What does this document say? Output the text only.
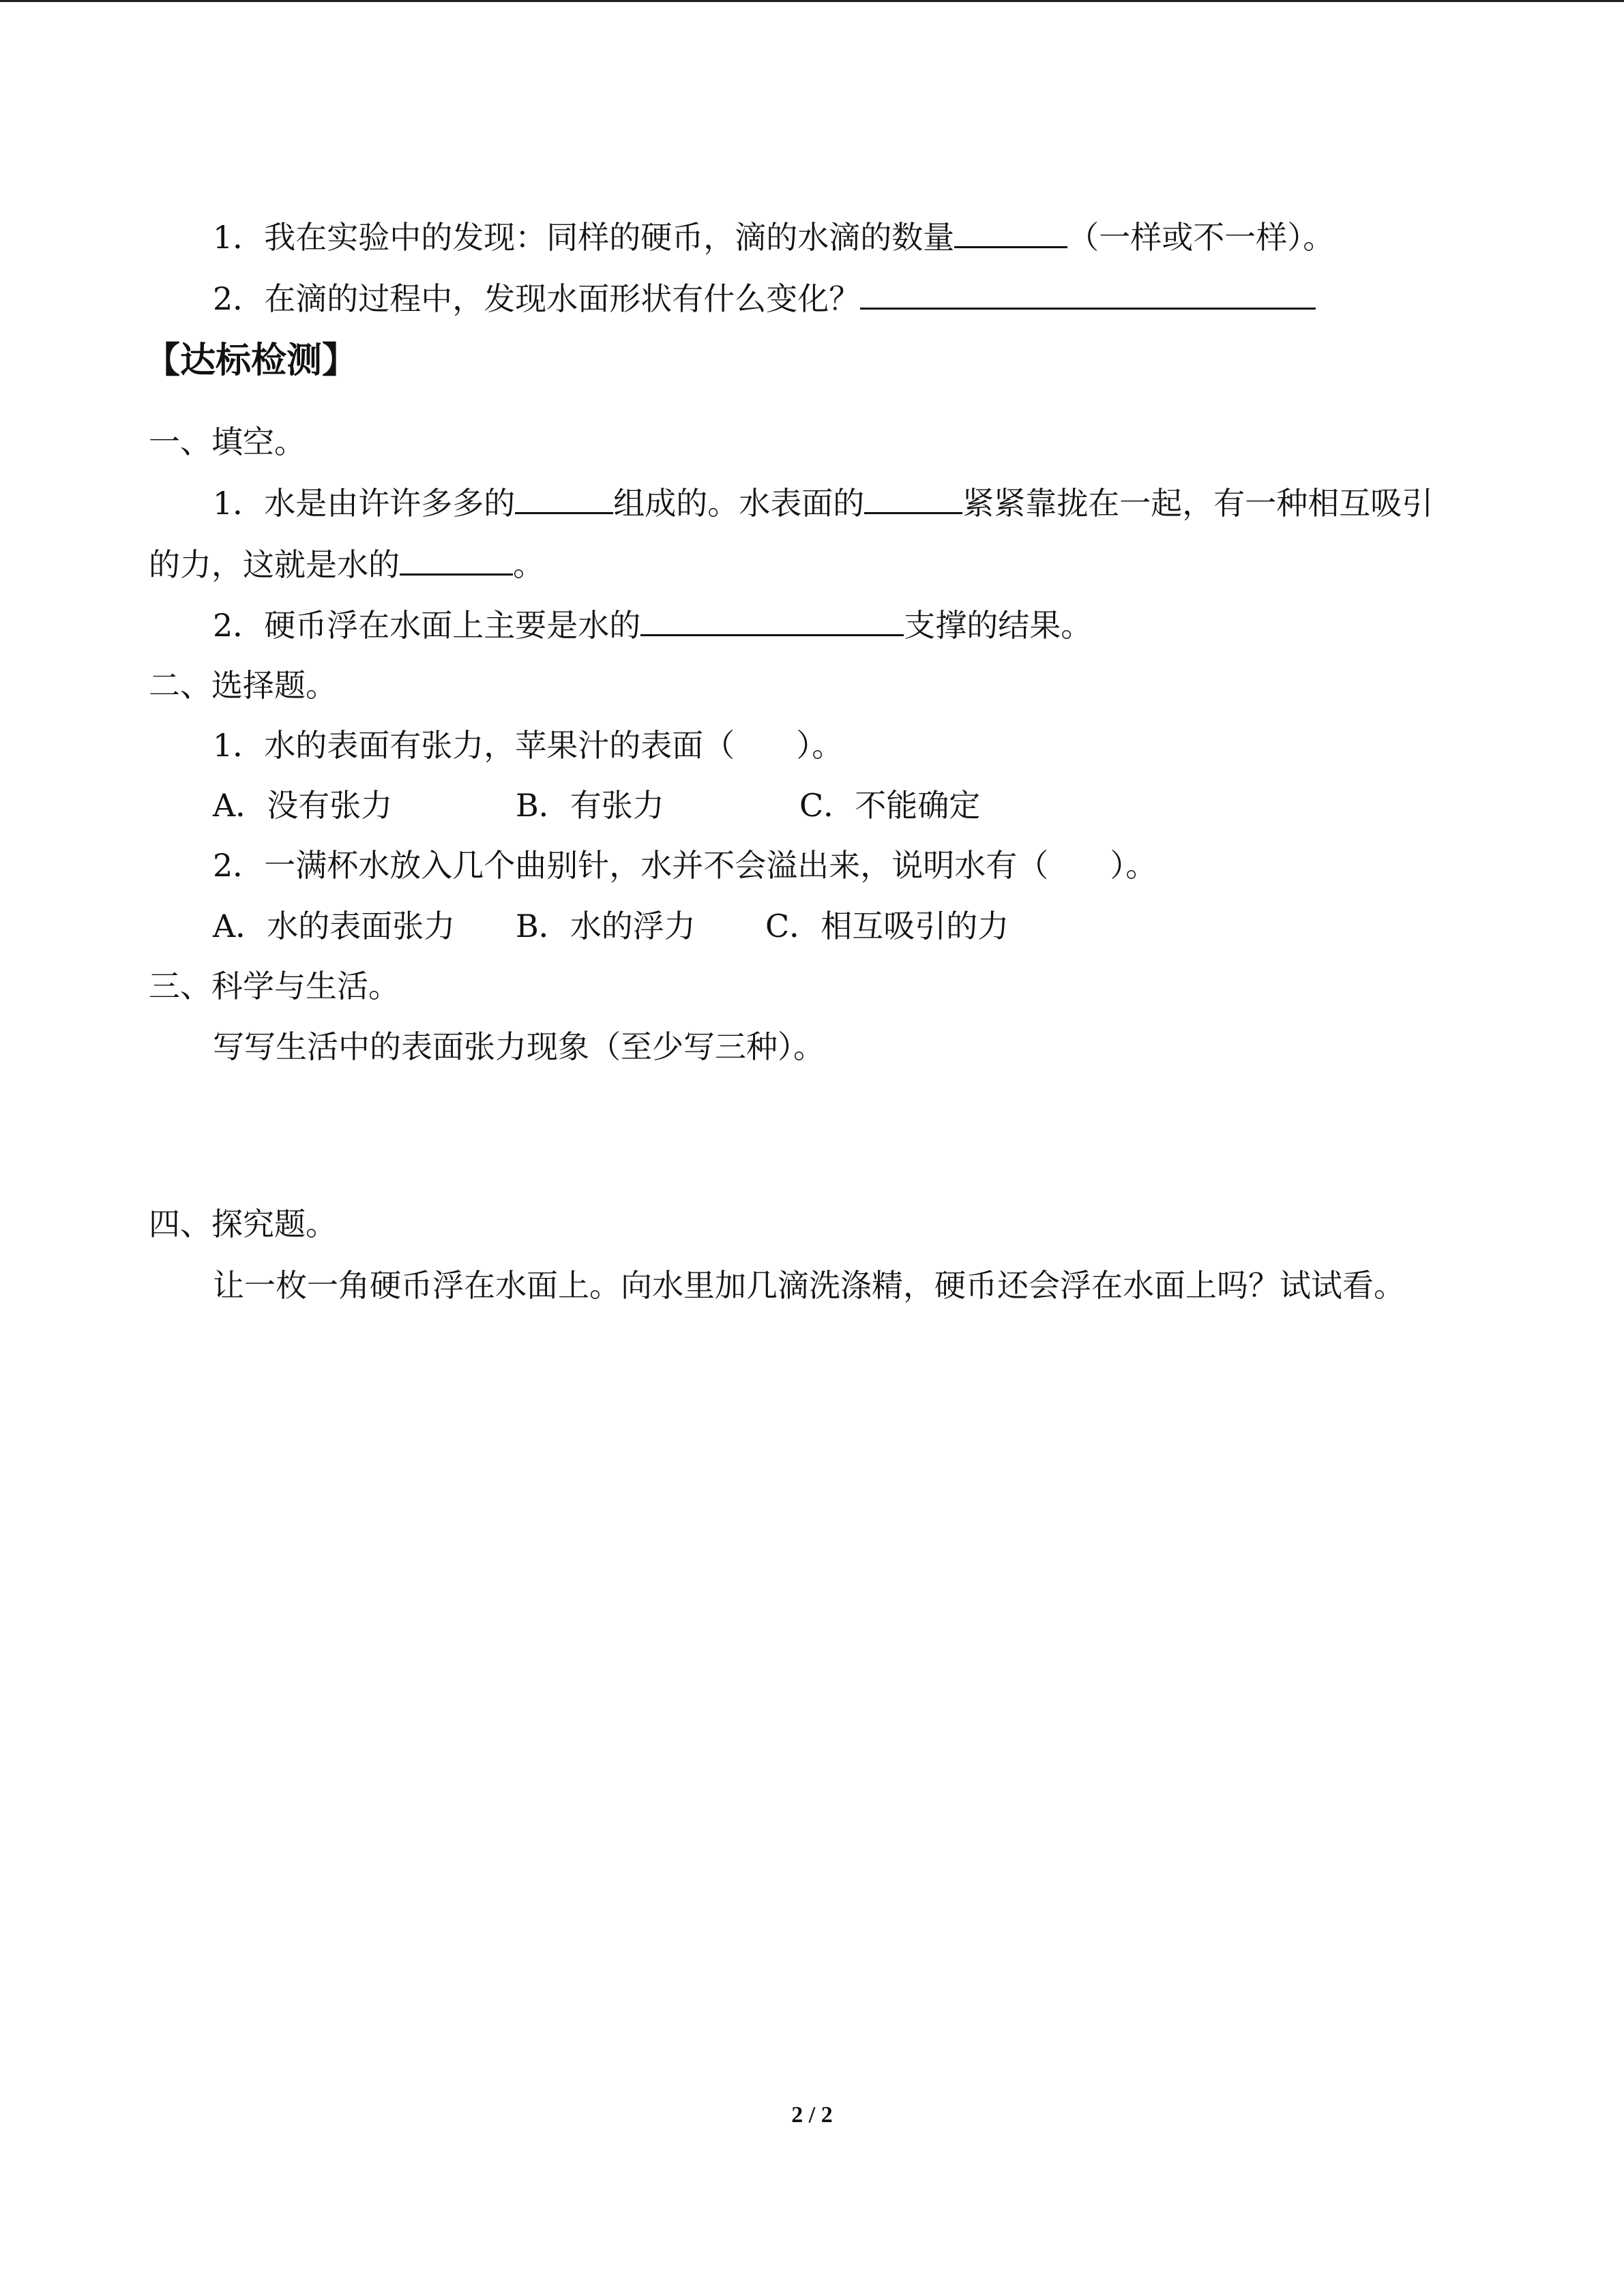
1．我在实验中的发现：同样的硬币，滴的水滴的数量	（一样或不一样）。
2．在滴的过程中，发现水面形状有什么变化？
【达标检测】
一、填空。
1．水是由许许多多的	组成的。水表面的	紧紧靠拢在一起，有一种相互吸引
的力，这就是水的	。
2．硬币浮在水面上主要是水的	支撑的结果。
二、选择题。
1．水的表面有张力，苹果汁的表面（ ）。
A．没有张力	B．有张力	C．不能确定
2．一满杯水放入几个曲别针，水并不会溢出来，说明水有（ ）。
A．水的表面张力 B．水的浮力 C．相互吸引的力
三、科学与生活。
写写生活中的表面张力现象（至少写三种）。
四、探究题。
让一枚一角硬币浮在水面上。向水里加几滴洗涤精，硬币还会浮在水面上吗？试试看。
2 / 2
